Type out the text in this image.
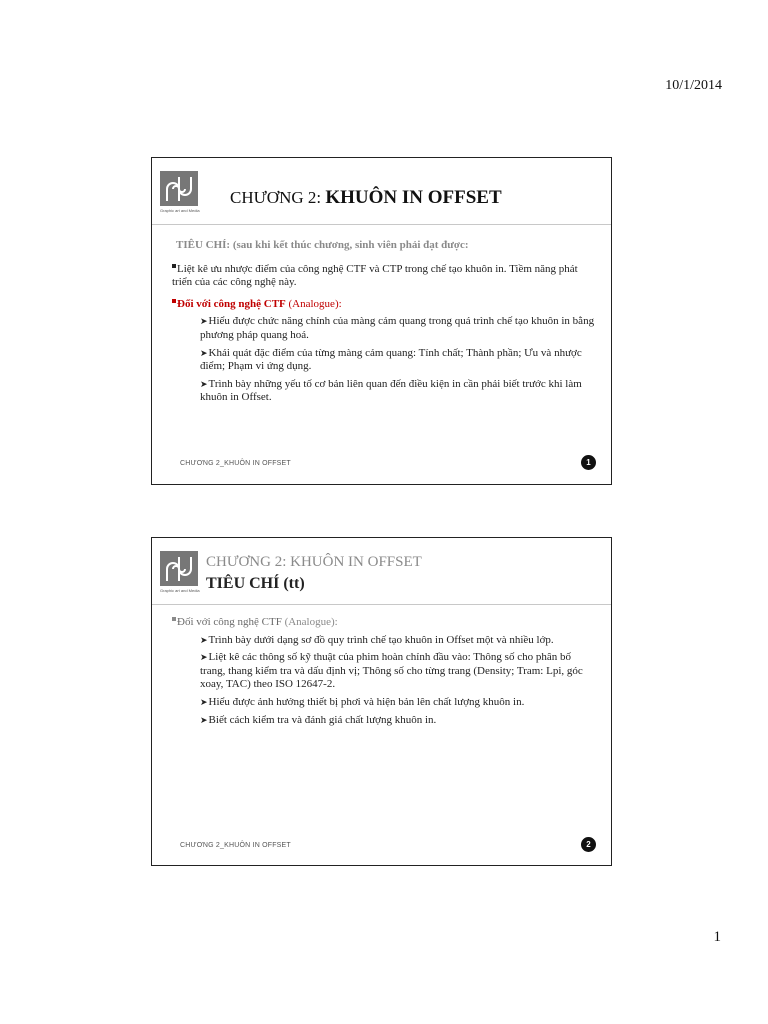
10/1/2014
Graphic art and Media
CHƯƠNG 2: KHUÔN IN OFFSET
TIÊU CHÍ: (sau khi kết thúc chương, sinh viên phải đạt được:
Liệt kê ưu nhược điểm của công nghệ CTF và CTP trong chế tạo khuôn in. Tiềm năng phát triển của các công nghệ này.
Đối với công nghệ CTF (Analogue):
➤Hiểu được chức năng chính của màng cảm quang trong quá trình chế tạo khuôn in bằng phương pháp quang hoá.
➤Khái quát đặc điểm của từng màng cảm quang: Tính chất; Thành phần; Ưu và nhược điểm; Phạm vi ứng dụng.
➤Trình bày những yếu tố cơ bản liên quan đến điều kiện in cần phải biết trước khi làm khuôn in Offset.
CHƯƠNG 2_KHUÔN IN OFFSET	1
Graphic art and Media
CHƯƠNG 2: KHUÔN IN OFFSET
TIÊU CHÍ (tt)
Đối với công nghệ CTF (Analogue):
➤Trình bày dưới dạng sơ đồ quy trình chế tạo khuôn in Offset một và nhiều lớp.
➤Liệt kê các thông số kỹ thuật của phim hoàn chỉnh đầu vào: Thông số cho phân bố trang, thang kiểm tra và dấu định vị; Thông số cho từng trang (Density; Tram: Lpi, góc xoay, TAC) theo ISO 12647-2.
➤Hiểu được ảnh hưởng thiết bị phơi và hiện bản lên chất lượng khuôn in.
➤Biết cách kiểm tra và đánh giá chất lượng khuôn in.
CHƯƠNG 2_KHUÔN IN OFFSET	2
1
